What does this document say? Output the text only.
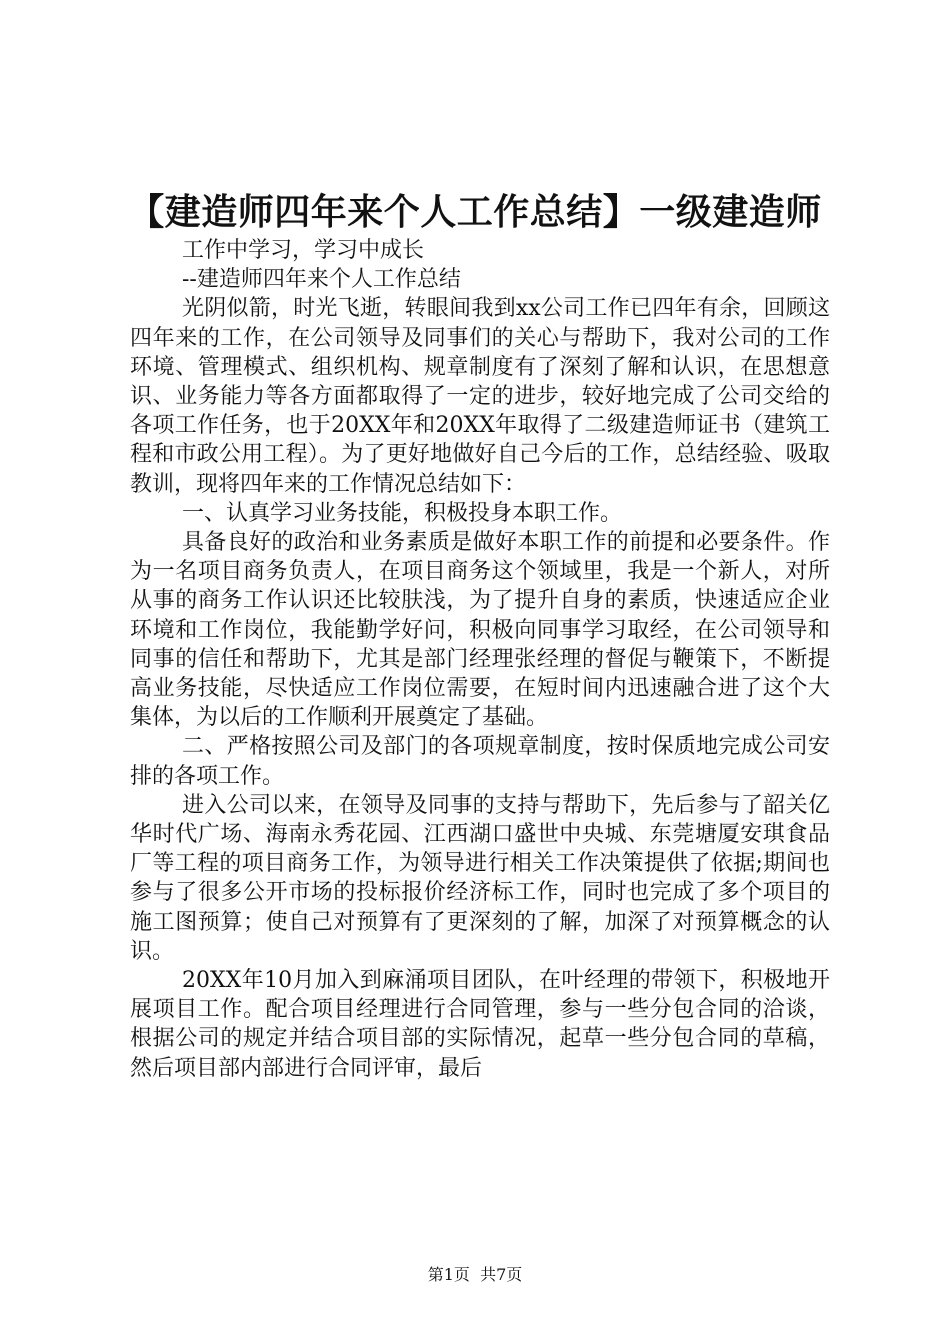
【建造师四年来个人工作总结】一级建造师

工作中学习，学习中成长

--建造师四年来个人工作总结

光阴似箭，时光飞逝，转眼间我到xx公司工作已四年有余，回顾这四年来的工作，在公司领导及同事们的关心与帮助下，我对公司的工作环境、管理模式、组织机构、规章制度有了深刻了解和认识，在思想意识、业务能力等各方面都取得了一定的进步，较好地完成了公司交给的各项工作任务，也于20XX年和20XX年取得了二级建造师证书（建筑工程和市政公用工程）。为了更好地做好自己今后的工作，总结经验、吸取教训，现将四年来的工作情况总结如下：

一、认真学习业务技能，积极投身本职工作。

具备良好的政治和业务素质是做好本职工作的前提和必要条件。作为一名项目商务负责人，在项目商务这个领域里，我是一个新人，对所从事的商务工作认识还比较肤浅，为了提升自身的素质，快速适应企业环境和工作岗位，我能勤学好问，积极向同事学习取经，在公司领导和同事的信任和帮助下，尤其是部门经理张经理的督促与鞭策下，不断提高业务技能，尽快适应工作岗位需要，在短时间内迅速融合进了这个大集体，为以后的工作顺利开展奠定了基础。

二、严格按照公司及部门的各项规章制度，按时保质地完成公司安排的各项工作。

进入公司以来，在领导及同事的支持与帮助下，先后参与了韶关亿华时代广场、海南永秀花园、江西湖口盛世中央城、东莞塘厦安琪食品厂等工程的项目商务工作，为领导进行相关工作决策提供了依据;期间也参与了很多公开市场的投标报价经济标工作，同时也完成了多个项目的施工图预算；使自己对预算有了更深刻的了解，加深了对预算概念的认识。

20XX年10月加入到麻涌项目团队，在叶经理的带领下，积极地开展项目工作。配合项目经理进行合同管理，参与一些分包合同的洽谈，根据公司的规定并结合项目部的实际情况，起草一些分包合同的草稿，然后项目部内部进行合同评审，最后

第1页  共7页
